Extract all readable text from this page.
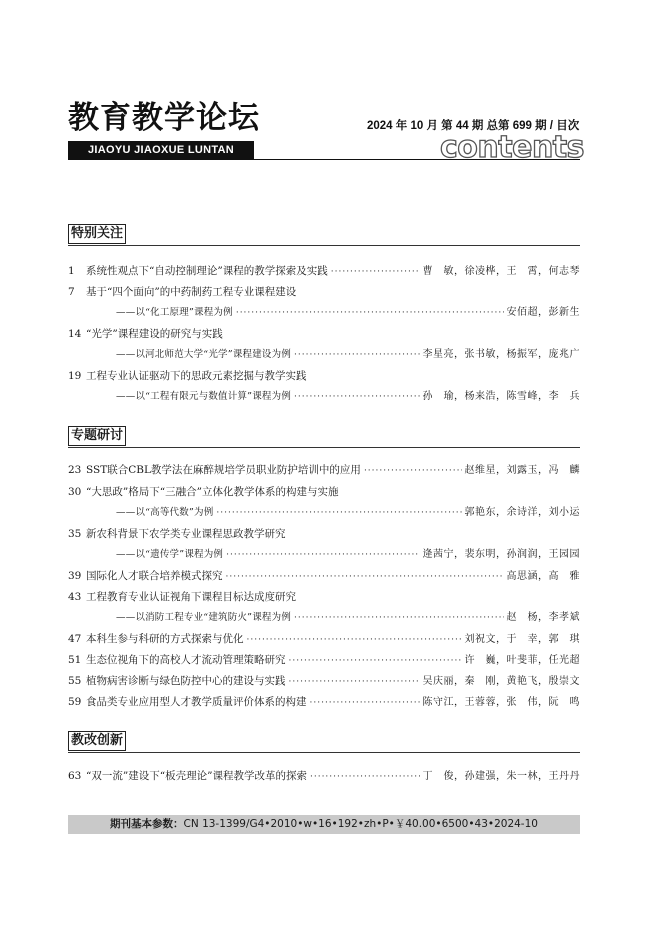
教育教学论坛	2024 年 10 月 第 44 期 总第 699 期 / 目次
JIAOYU JIAOXUE LUNTAN	contents
特别关注
1	系统性观点下“自动控制理论”课程的教学探索及实践 ·····	曹　敏，徐凌桦，王　霄，何志琴
7	基于“四个面向”的中药制药工程专业课程建设
——以“化工原理”课程为例 ·····	安佰超，彭新生
14 “光学”课程建设的研究与实践
——以河北师范大学“光学”课程建设为例 ·····	李星亮，张书敏，杨振军，庞兆广
19 工程专业认证驱动下的思政元素挖掘与教学实践
——以“工程有限元与数值计算”课程为例 ·····	孙　瑜，杨来浩，陈雪峰，李　兵
专题研讨
23 SST联合CBL教学法在麻醉规培学员职业防护培训中的应用 ·····	赵维星，刘露玉，冯　麟
30 “大思政”格局下“三融合”立体化教学体系的构建与实施
——以“高等代数”为例 ·····	郭艳东，余诗洋，刘小运
35 新农科背景下农学类专业课程思政教学研究
——以“遗传学”课程为例 ·····	逄茜宁，裴东明，孙润润，王园园
39 国际化人才联合培养模式探究 ·····	高思涵，高　雅
43 工程教育专业认证视角下课程目标达成度研究
——以消防工程专业“建筑防火”课程为例 ·····	赵　杨，李孝斌
47 本科生参与科研的方式探索与优化 ·····	刘祝文，于　幸，郭　琪
51 生态位视角下的高校人才流动管理策略研究 ·····	许　巍，叶斐菲，任光超
55 植物病害诊断与绿色防控中心的建设与实践 ·····	吴庆丽，秦　刚，黄艳飞，殷崇文
59 食品类专业应用型人才教学质量评价体系的构建 ·····	陈守江，王蓉蓉，张　伟，阮　鸣
教改创新
63 “双一流”建设下“板壳理论”课程教学改革的探索 ·····	丁　俊，孙建强，朱一林，王丹丹
期刊基本参数：CN 13-1399/G4•2010•w•16•192•zh•P•￥40.00•6500•43•2024-10
